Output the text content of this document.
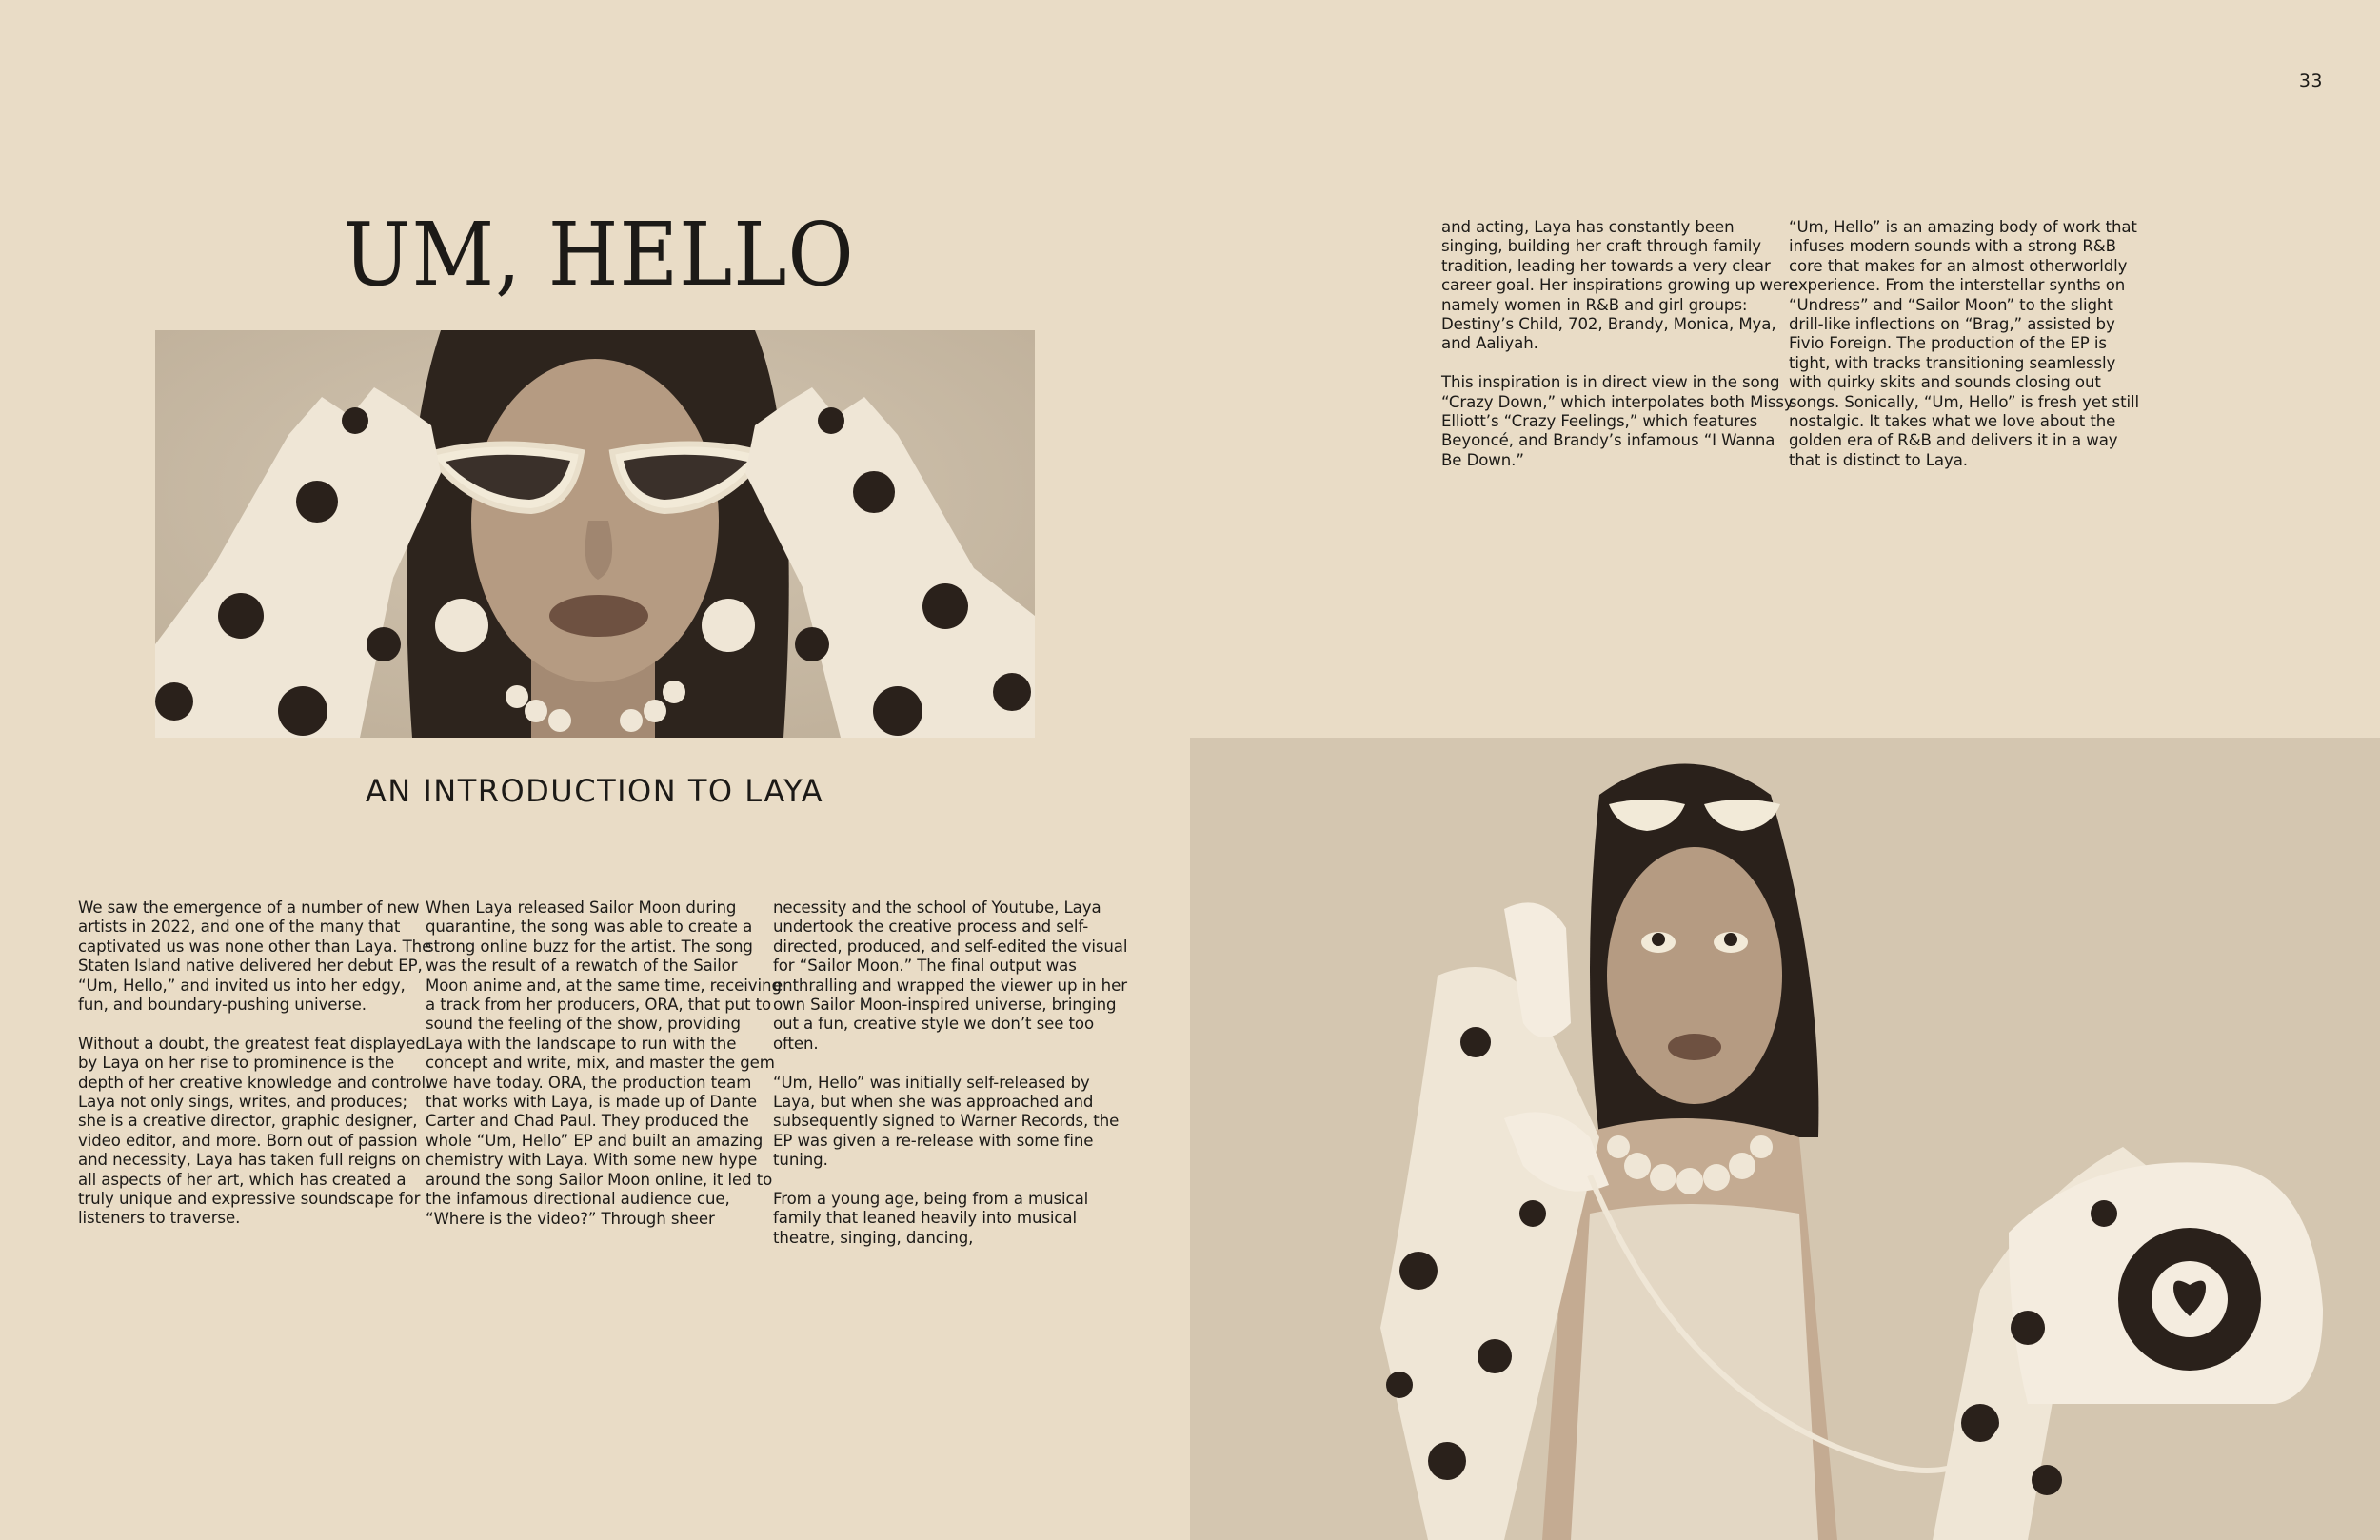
33
UM, HELLO
AN INTRODUCTION TO LAYA

We saw the emergence of a number of new artists in 2022, and one of the many that captivated us was none other than Laya. The Staten Island native delivered her debut EP, “Um, Hello,” and invited us into her edgy, fun, and boundary-pushing universe.

Without a doubt, the greatest feat displayed by Laya on her rise to prominence is the depth of her creative knowledge and control. Laya not only sings, writes, and produces; she is a creative director, graphic designer, video editor, and more. Born out of passion and necessity, Laya has taken full reigns on all aspects of her art, which has created a truly unique and expressive soundscape for listeners to traverse.

When Laya released Sailor Moon during quarantine, the song was able to create a strong online buzz for the artist. The song was the result of a rewatch of the Sailor Moon anime and, at the same time, receiving a track from her producers, ORA, that put to sound the feeling of the show, providing Laya with the landscape to run with the concept and write, mix, and master the gem we have today. ORA, the production team that works with Laya, is made up of Dante Carter and Chad Paul. They produced the whole “Um, Hello” EP and built an amazing chemistry with Laya. With some new hype around the song Sailor Moon online, it led to the infamous directional audience cue, “Where is the video?” Through sheer

necessity and the school of Youtube, Laya undertook the creative process and self-directed, produced, and self-edited the visual for “Sailor Moon.” The final output was enthralling and wrapped the viewer up in her own Sailor Moon-inspired universe, bringing out a fun, creative style we don’t see too often.

“Um, Hello” was initially self-released by Laya, but when she was approached and subsequently signed to Warner Records, the EP was given a re-release with some fine tuning.

From a young age, being from a musical family that leaned heavily into musical theatre, singing, dancing,

and acting, Laya has constantly been singing, building her craft through family tradition, leading her towards a very clear career goal. Her inspirations growing up were namely women in R&B and girl groups: Destiny’s Child, 702, Brandy, Monica, Mya, and Aaliyah.

This inspiration is in direct view in the song “Crazy Down,” which interpolates both Missy Elliott’s “Crazy Feelings,” which features Beyoncé, and Brandy’s infamous “I Wanna Be Down.”

“Um, Hello” is an amazing body of work that infuses modern sounds with a strong R&B core that makes for an almost otherworldly experience. From the interstellar synths on “Undress” and “Sailor Moon” to the slight drill-like inflections on “Brag,” assisted by Fivio Foreign. The production of the EP is tight, with tracks transitioning seamlessly with quirky skits and sounds closing out songs. Sonically, “Um, Hello” is fresh yet still nostalgic. It takes what we love about the golden era of R&B and delivers it in a way that is distinct to Laya.
